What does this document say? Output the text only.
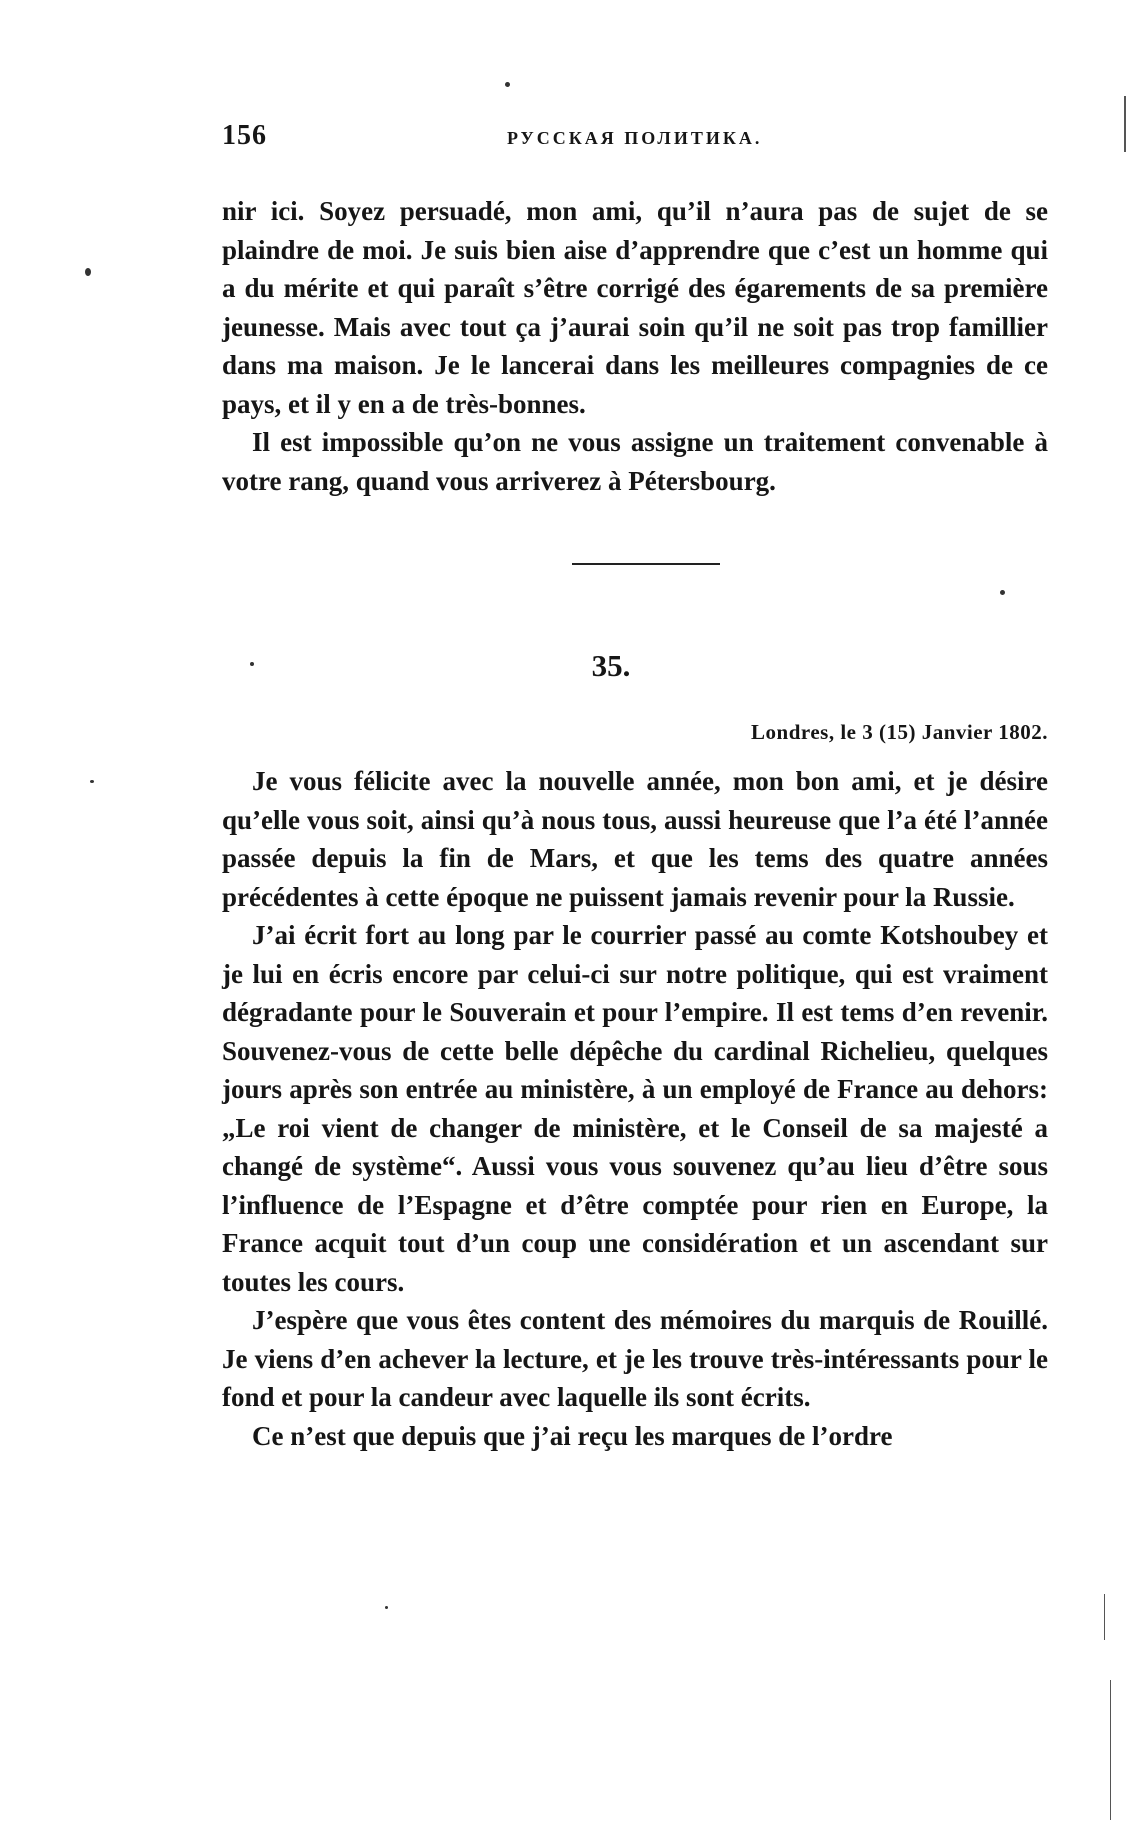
156	РУССКАЯ ПОЛИТИКА.

nir ici. Soyez persuadé, mon ami, qu’il n’aura pas de sujet de se plaindre de moi. Je suis bien aise d’apprendre que c’est un homme qui a du mérite et qui paraît s’être corrigé des égarements de sa première jeunesse. Mais avec tout ça j’aurai soin qu’il ne soit pas trop famillier dans ma maison. Je le lancerai dans les meilleures compagnies de ce pays, et il y en a de très-bonnes.

Il est impossible qu’on ne vous assigne un traitement convenable à votre rang, quand vous arriverez à Pétersbourg.

35.
Londres, le 3 (15) Janvier 1802.

Je vous félicite avec la nouvelle année, mon bon ami, et je désire qu’elle vous soit, ainsi qu’à nous tous, aussi heureuse que l’a été l’année passée depuis la fin de Mars, et que les tems des quatre années précédentes à cette époque ne puissent jamais revenir pour la Russie.

J’ai écrit fort au long par le courrier passé au comte Kotshoubey et je lui en écris encore par celui-ci sur notre politique, qui est vraiment dégradante pour le Souverain et pour l’empire. Il est tems d’en revenir. Souvenez-vous de cette belle dépêche du cardinal Richelieu, quelques jours après son entrée au ministère, à un employé de France au dehors: „Le roi vient de changer de ministère, et le Conseil de sa majesté a changé de système“. Aussi vous vous souvenez qu’au lieu d’être sous l’influence de l’Espagne et d’être comptée pour rien en Europe, la France acquit tout d’un coup une considération et un ascendant sur toutes les cours.

J’espère que vous êtes content des mémoires du marquis de Rouillé. Je viens d’en achever la lecture, et je les trouve très-intéressants pour le fond et pour la candeur avec laquelle ils sont écrits.

Ce n’est que depuis que j’ai reçu les marques de l’ordre
